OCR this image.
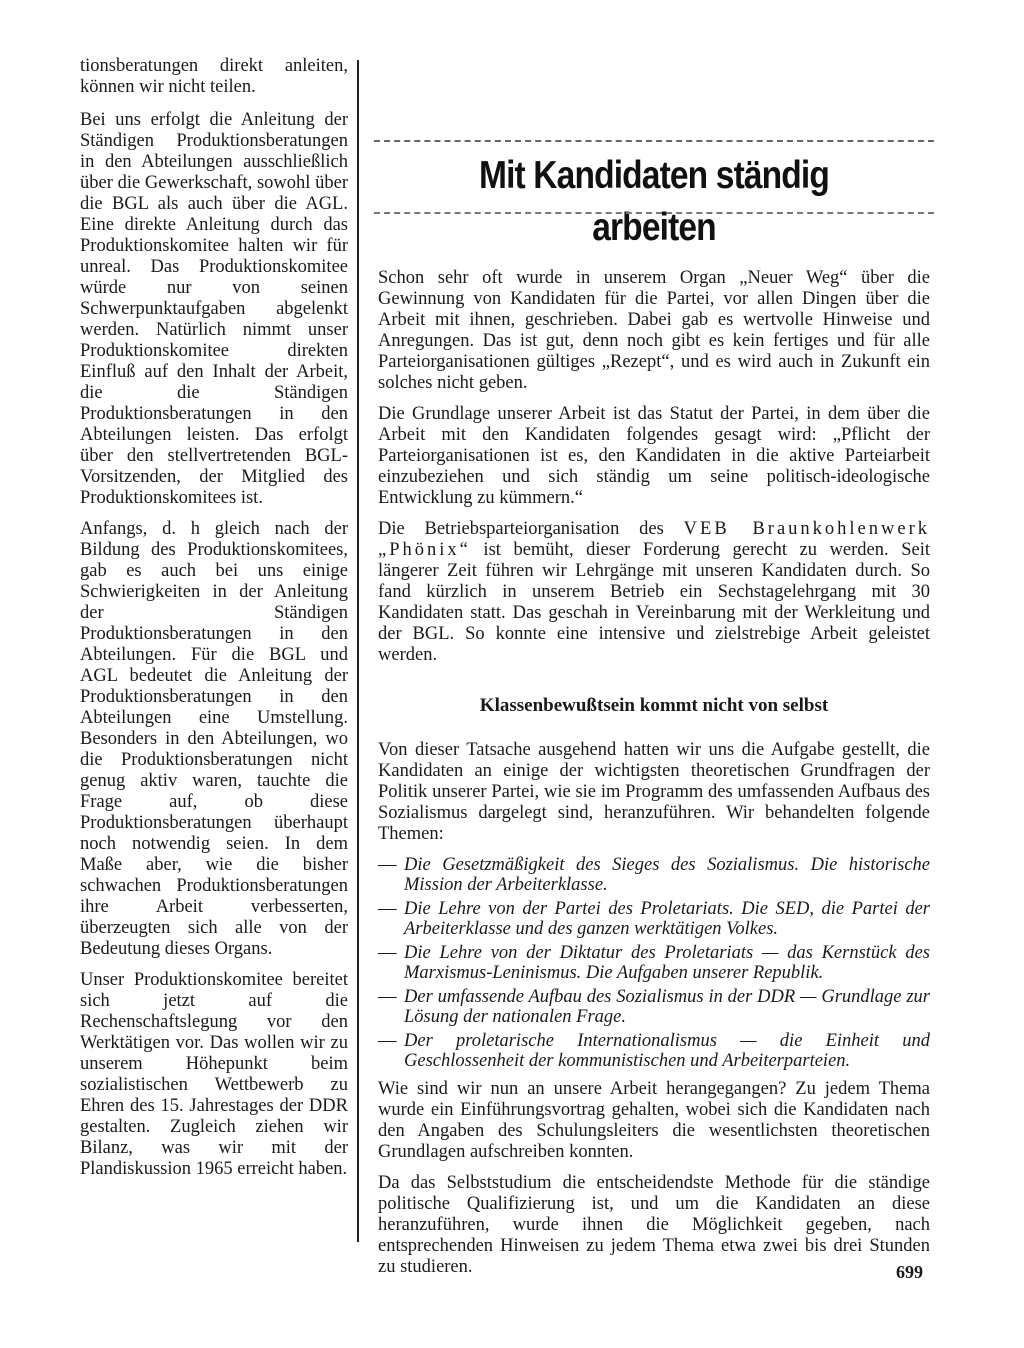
tionsberatungen direkt anleiten, können wir nicht teilen.

Bei uns erfolgt die Anleitung der Ständigen Produktionsberatungen in den Abteilungen ausschließlich über die Gewerkschaft, sowohl über die BGL als auch über die AGL. Eine direkte Anleitung durch das Produktionskomitee halten wir für unreal. Das Produktionskomitee würde nur von seinen Schwerpunktaufgaben abgelenkt werden. Natürlich nimmt unser Produktionskomitee direkten Einfluß auf den Inhalt der Arbeit, die die Ständigen Produktionsberatungen in den Abteilungen leisten. Das erfolgt über den stellvertretenden BGL-Vorsitzenden, der Mitglied des Produktionskomitees ist.

Anfangs, d. h gleich nach der Bildung des Produktionskomitees, gab es auch bei uns einige Schwierigkeiten in der Anleitung der Ständigen Produktionsberatungen in den Abteilungen. Für die BGL und AGL bedeutet die Anleitung der Produktionsberatungen in den Abteilungen eine Umstellung. Besonders in den Abteilungen, wo die Produktionsberatungen nicht genug aktiv waren, tauchte die Frage auf, ob diese Produktionsberatungen überhaupt noch notwendig seien. In dem Maße aber, wie die bisher schwachen Produktionsberatungen ihre Arbeit verbesserten, überzeugten sich alle von der Bedeutung dieses Organs.

Unser Produktionskomitee bereitet sich jetzt auf die Rechenschaftslegung vor den Werktätigen vor. Das wollen wir zu unserem Höhepunkt beim sozialistischen Wettbewerb zu Ehren des 15. Jahrestages der DDR gestalten. Zugleich ziehen wir Bilanz, was wir mit der Plandiskussion 1965 erreicht haben.

Mit Kandidaten ständig arbeiten

Schon sehr oft wurde in unserem Organ „Neuer Weg“ über die Gewinnung von Kandidaten für die Partei, vor allen Dingen über die Arbeit mit ihnen, geschrieben. Dabei gab es wertvolle Hinweise und Anregungen. Das ist gut, denn noch gibt es kein fertiges und für alle Parteiorganisationen gültiges „Rezept“, und es wird auch in Zukunft ein solches nicht geben.

Die Grundlage unserer Arbeit ist das Statut der Partei, in dem über die Arbeit mit den Kandidaten folgendes gesagt wird: „Pflicht der Parteiorganisationen ist es, den Kandidaten in die aktive Parteiarbeit einzubeziehen und sich ständig um seine politisch-ideologische Entwicklung zu kümmern.“

Die Betriebsparteiorganisation des VEB Braunkohlenwerk „Phönix“ ist bemüht, dieser Forderung gerecht zu werden. Seit längerer Zeit führen wir Lehrgänge mit unseren Kandidaten durch. So fand kürzlich in unserem Betrieb ein Sechstagelehrgang mit 30 Kandidaten statt. Das geschah in Vereinbarung mit der Werkleitung und der BGL. So konnte eine intensive und zielstrebige Arbeit geleistet werden.

Klassenbewußtsein kommt nicht von selbst

Von dieser Tatsache ausgehend hatten wir uns die Aufgabe gestellt, die Kandidaten an einige der wichtigsten theoretischen Grundfragen der Politik unserer Partei, wie sie im Programm des umfassenden Aufbaus des Sozialismus dargelegt sind, heranzuführen. Wir behandelten folgende Themen:

— Die Gesetzmäßigkeit des Sieges des Sozialismus. Die historische Mission der Arbeiterklasse.
— Die Lehre von der Partei des Proletariats. Die SED, die Partei der Arbeiterklasse und des ganzen werktätigen Volkes.
— Die Lehre von der Diktatur des Proletariats — das Kernstück des Marxismus-Leninismus. Die Aufgaben unserer Republik.
— Der umfassende Aufbau des Sozialismus in der DDR — Grundlage zur Lösung der nationalen Frage.
— Der proletarische Internationalismus — die Einheit und Geschlossenheit der kommunistischen und Arbeiterparteien.

Wie sind wir nun an unsere Arbeit herangegangen? Zu jedem Thema wurde ein Einführungsvortrag gehalten, wobei sich die Kandidaten nach den Angaben des Schulungsleiters die wesentlichsten theoretischen Grundlagen aufschreiben konnten.

Da das Selbststudium die entscheidendste Methode für die ständige politische Qualifizierung ist, und um die Kandidaten an diese heranzuführen, wurde ihnen die Möglichkeit gegeben, nach entsprechenden Hinweisen zu jedem Thema etwa zwei bis drei Stunden zu studieren.	699
